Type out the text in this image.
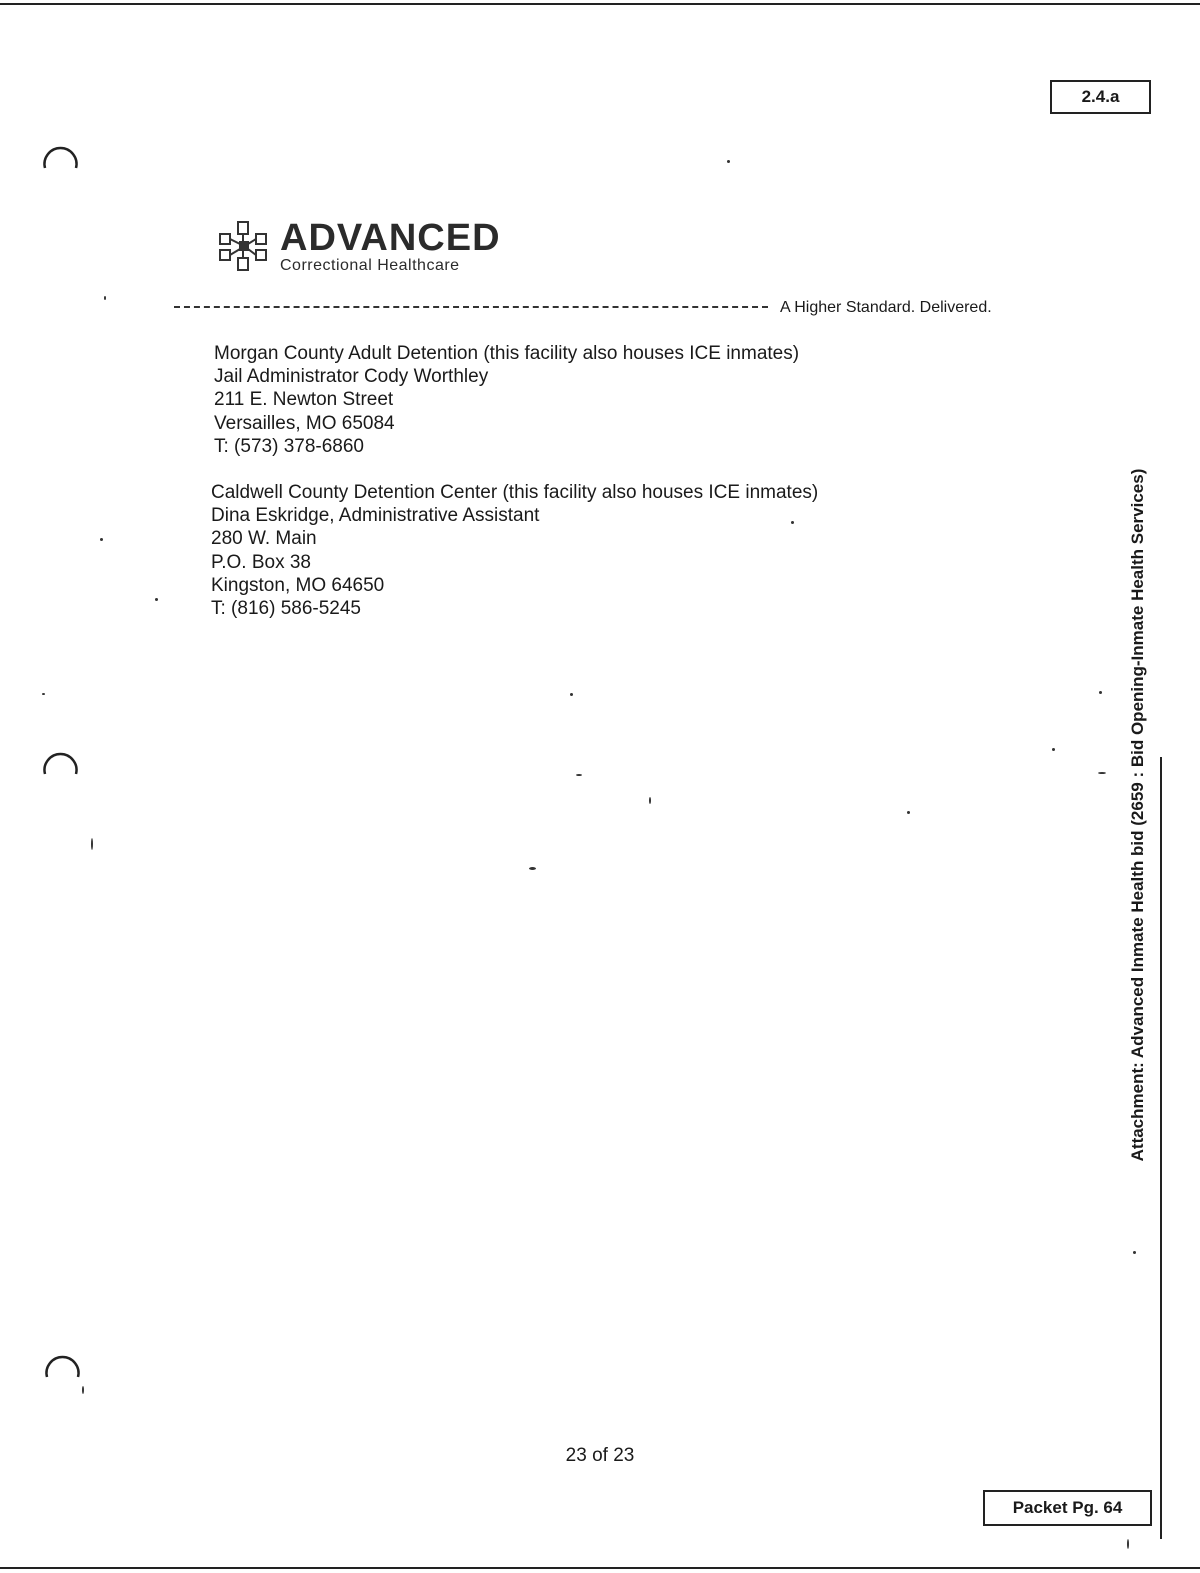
2.4.a
ADVANCED
Correctional Healthcare
A Higher Standard. Delivered.
Morgan County Adult Detention (this facility also houses ICE inmates)
Jail Administrator Cody Worthley
211 E. Newton Street
Versailles, MO 65084
T: (573) 378-6860
Caldwell County Detention Center (this facility also houses ICE inmates)
Dina Eskridge, Administrative Assistant
280 W. Main
P.O. Box 38
Kingston, MO 64650
T: (816) 586-5245
23 of 23
Attachment: Advanced Inmate Health bid (2659 : Bid Opening-Inmate Health Services)
Packet Pg. 64
